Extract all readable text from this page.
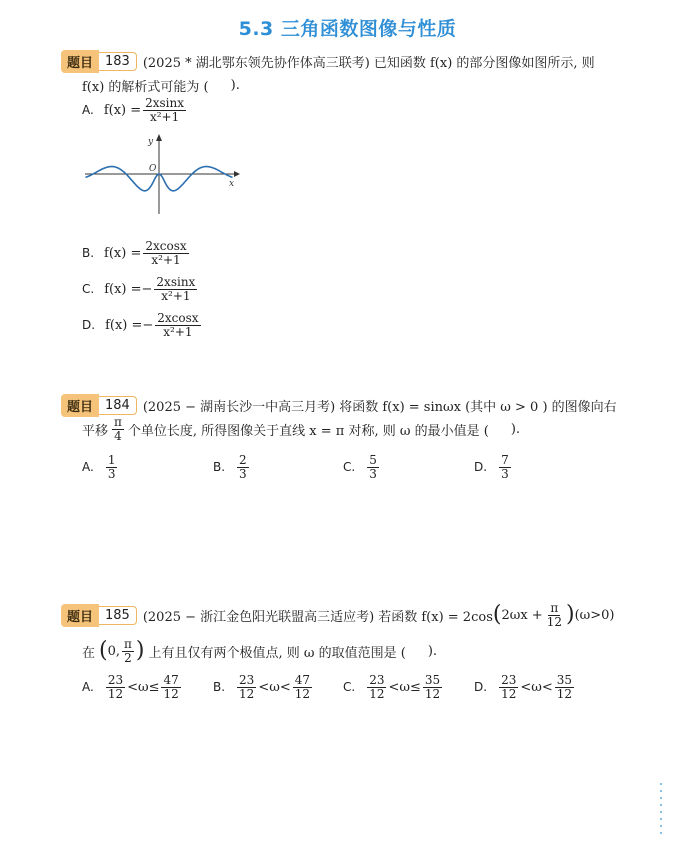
5.3 三角函数图像与性质
题目 183	(2025 * 湖北鄂东领先协作体高三联考) 已知函数 f(x) 的部分图像如图所示, 则
f(x) 的解析式可能为 ( ).
A. $f(x) = \frac{2xsinx}{\text{x²+1}}$
y
x
O
B. $f(x) = \frac{2xcosx}{\text{x²+1}}$
C. f(x) = − $\frac{2xsinx}{\text{x²+1}}$
D. f(x) = − $\frac{2xcosx}{\text{x²+1}}$
题目 184	(2025 − 湖南长沙一中高三月考) 将函数 f(x) = sinωx (其中 ω > 0 ) 的图像向右
平移 $\frac{\pi}{4}$ 个单位长度, 所得图像关于直线 x = π 对称, 则 ω 的最小值是 ( ).
A. $\frac{1}{3}$	B. $\frac{2}{3}$	C. $\frac{5}{3}$	D. $\frac{7}{3}$
题目 185	(2025 − 浙江金色阳光联盟高三适应考) 若函数 f(x) = 2cos ( $2\omega x + \frac{\pi}{12}$ ) (ω>0)
在 ( 0, $\frac{\pi}{2}$ ) 上有且仅有两个极值点, 则 ω 的取值范围是 ( ).
A. $\frac{23}{12} <\omega\le \frac{47}{12}$	B. $\frac{23}{12} <\omega< \frac{47}{12}$	C. $\frac{23}{12} <\omega\le \frac{35}{12}$	D. $\frac{23}{12} <\omega< \frac{35}{12}$
